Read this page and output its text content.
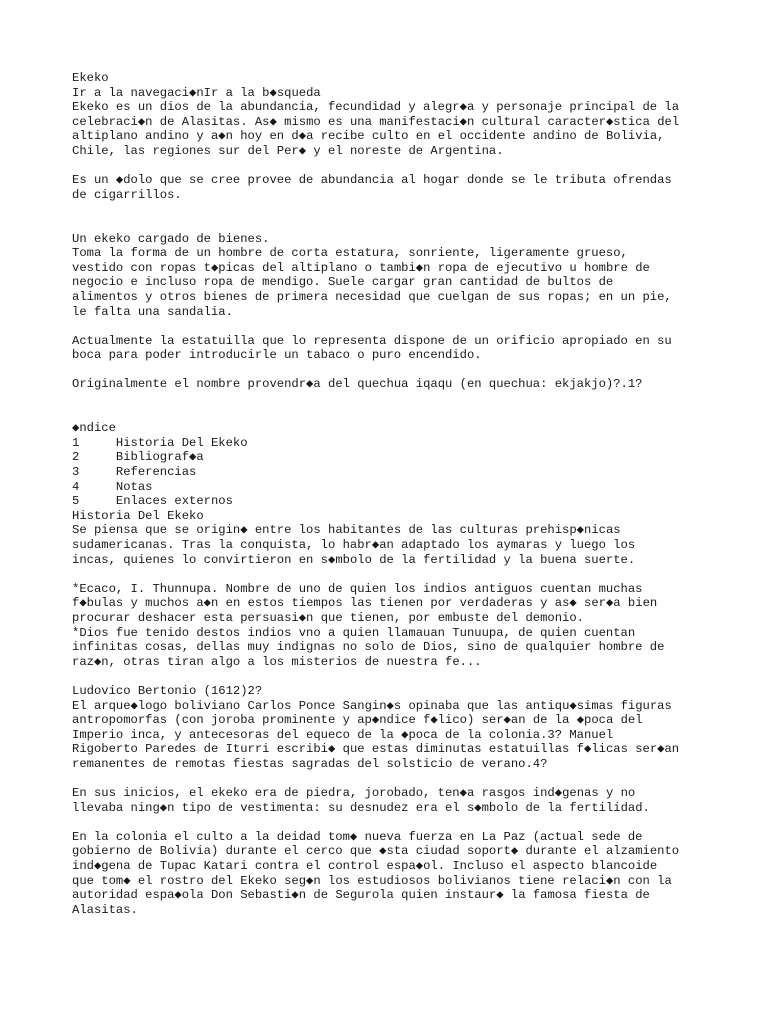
Ekeko
Ir a la navegaci◆nIr a la b◆squeda
Ekeko es un dios de la abundancia, fecundidad y alegr◆a y personaje principal de la
celebraci◆n de Alasitas. As◆ mismo es una manifestaci◆n cultural caracter◆stica del
altiplano andino y a◆n hoy en d◆a recibe culto en el occidente andino de Bolivia,
Chile, las regiones sur del Per◆ y el noreste de Argentina.
Es un ◆dolo que se cree provee de abundancia al hogar donde se le tributa ofrendas
de cigarrillos.
Un ekeko cargado de bienes.
Toma la forma de un hombre de corta estatura, sonriente, ligeramente grueso,
vestido con ropas t◆picas del altiplano o tambi◆n ropa de ejecutivo u hombre de
negocio e incluso ropa de mendigo. Suele cargar gran cantidad de bultos de
alimentos y otros bienes de primera necesidad que cuelgan de sus ropas; en un pie,
le falta una sandalia.
Actualmente la estatuilla que lo representa dispone de un orificio apropiado en su
boca para poder introducirle un tabaco o puro encendido.
Originalmente el nombre provendr◆a del quechua iqaqu (en quechua: ekjakjo)?.1?
◆ndice
1     Historia Del Ekeko
2     Bibliograf◆a
3     Referencias
4     Notas
5     Enlaces externos
Historia Del Ekeko
Se piensa que se origin◆ entre los habitantes de las culturas prehisp◆nicas
sudamericanas. Tras la conquista, lo habr◆an adaptado los aymaras y luego los
incas, quienes lo convirtieron en s◆mbolo de la fertilidad y la buena suerte.
*Ecaco, I. Thunnupa. Nombre de uno de quien los indios antiguos cuentan muchas
f◆bulas y muchos a◆n en estos tiempos las tienen por verdaderas y as◆ ser◆a bien
procurar deshacer esta persuasi◆n que tienen, por embuste del demonio.
*Dios fue tenido destos indios vno a quien llamauan Tunuupa, de quien cuentan
infinitas cosas, dellas muy indignas no solo de Dios, sino de qualquier hombre de
raz◆n, otras tiran algo a los misterios de nuestra fe...
Ludovico Bertonio (1612)2?
El arque◆logo boliviano Carlos Ponce Sangin◆s opinaba que las antiqu◆simas figuras
antropomorfas (con joroba prominente y ap◆ndice f◆lico) ser◆an de la ◆poca del
Imperio inca, y antecesoras del equeco de la ◆poca de la colonia.3? Manuel
Rigoberto Paredes de Iturri escribi◆ que estas diminutas estatuillas f◆licas ser◆an
remanentes de remotas fiestas sagradas del solsticio de verano.4?
En sus inicios, el ekeko era de piedra, jorobado, ten◆a rasgos ind◆genas y no
llevaba ning◆n tipo de vestimenta: su desnudez era el s◆mbolo de la fertilidad.
En la colonia el culto a la deidad tom◆ nueva fuerza en La Paz (actual sede de
gobierno de Bolivia) durante el cerco que ◆sta ciudad soport◆ durante el alzamiento
ind◆gena de Tupac Katari contra el control espa◆ol. Incluso el aspecto blancoide
que tom◆ el rostro del Ekeko seg◆n los estudiosos bolivianos tiene relaci◆n con la
autoridad espa◆ola Don Sebasti◆n de Segurola quien instaur◆ la famosa fiesta de
Alasitas.
